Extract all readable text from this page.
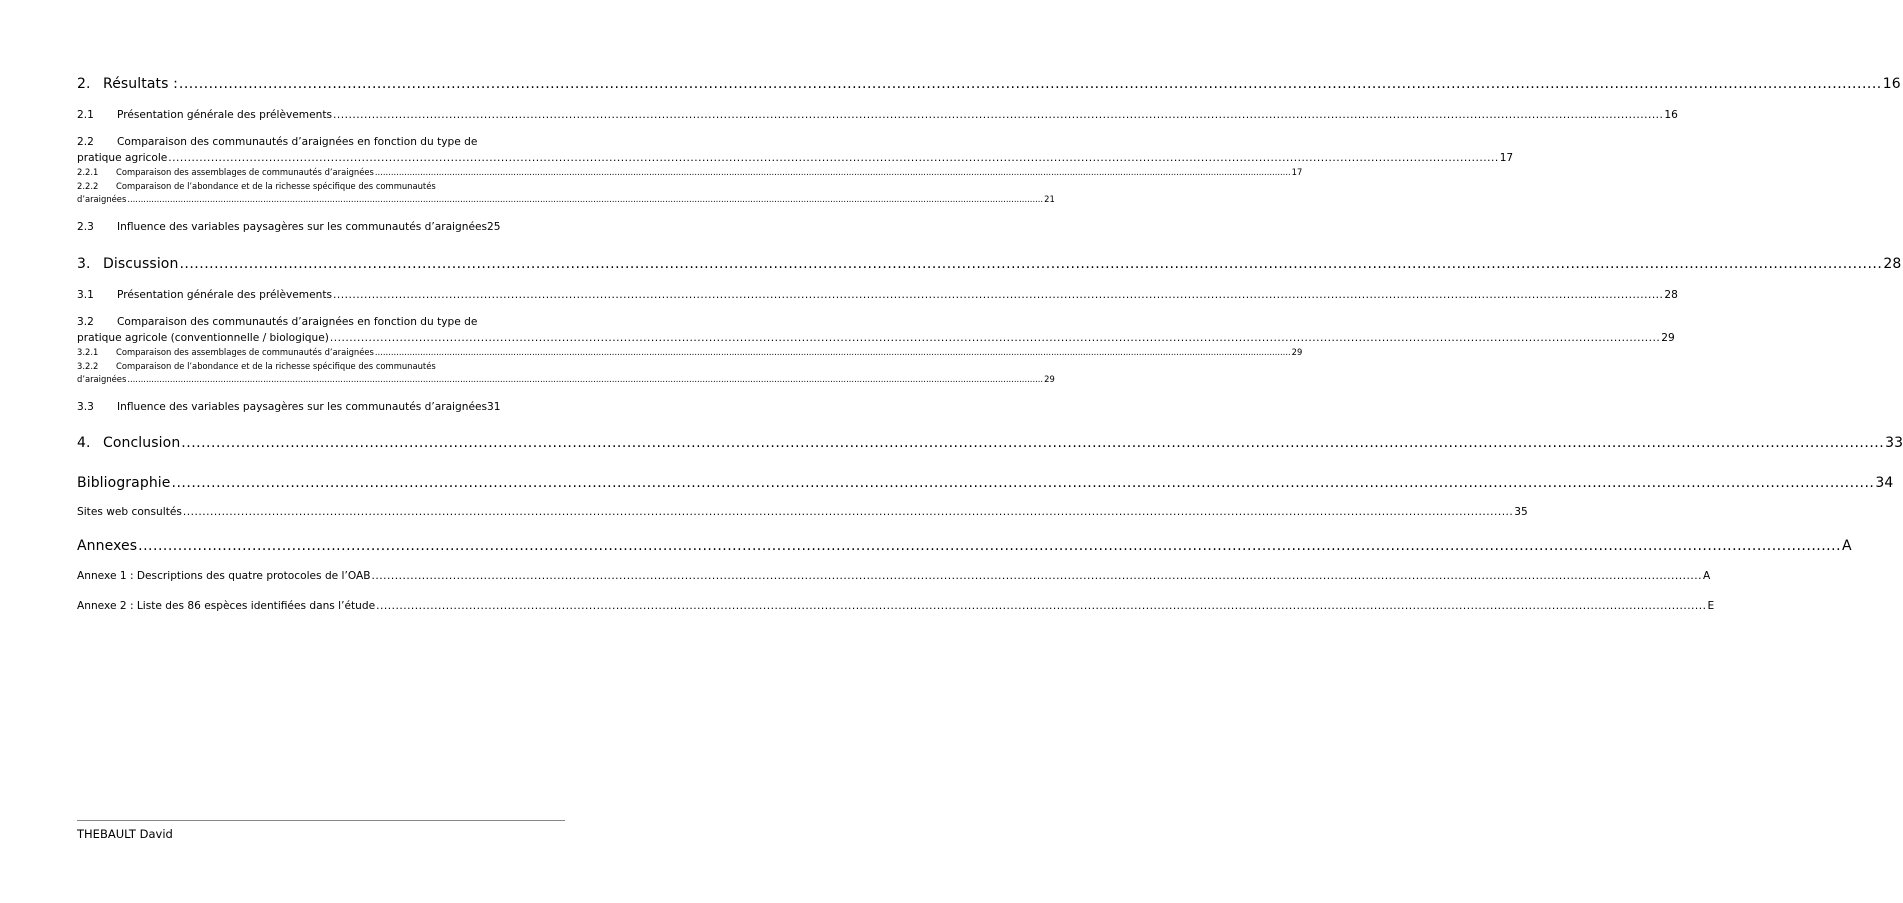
2. Résultats : .....	16
2.1 Présentation générale des prélèvements .....	16
2.2 Comparaison des communautés d’araignées en fonction du type de
pratique agricole .....	17
2.2.1 Comparaison des assemblages de communautés d’araignées .....	17
2.2.2 Comparaison de l’abondance et de la richesse spécifique des communautés
d’araignées .....	21
2.3 Influence des variables paysagères sur les communautés d’araignées 25
3. Discussion .....	28
3.1 Présentation générale des prélèvements .....	28
3.2 Comparaison des communautés d’araignées en fonction du type de
pratique agricole (conventionnelle / biologique) .....	29
3.2.1 Comparaison des assemblages de communautés d’araignées .....	29
3.2.2 Comparaison de l’abondance et de la richesse spécifique des communautés
d’araignées .....	29
3.3 Influence des variables paysagères sur les communautés d’araignées 31
4. Conclusion .....	33
Bibliographie .....	34
Sites web consultés .....	35
Annexes .....	A
Annexe 1 : Descriptions des quatre protocoles de l’OAB .....	A
Annexe 2 : Liste des 86 espèces identifiées dans l’étude .....	E
THEBAULT David
